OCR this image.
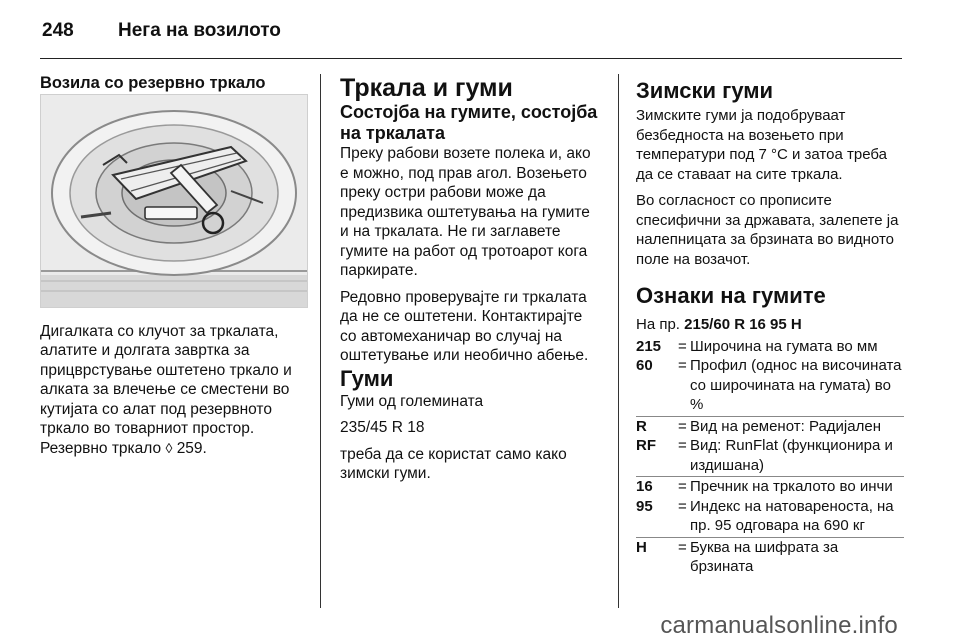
248 Нега на возилото

Возила со резервно тркало

Дигалката со клучот за тркалата, алатите и долгата завртка за прицврстување оштетено тркало и алката за влечење се сместени во кутијата со алат под резервното тркало во товарниот простор.

Резервно тркало ◊ 259.

Тркала и гуми

Состојба на гумите, состојба на тркалата

Преку рабови возете полека и, ако е можно, под прав агол. Возењето преку остри рабови може да предизвика оштетувања на гумите и на тркалата. Не ги заглавете гумите на работ од тротоарот кога паркирате.

Редовно проверувајте ги тркалата да не се оштетени. Контактирајте со автомеханичар во случај на оштетување или необично абење.

Гуми

Гуми од големината

235/45 R 18

треба да се користат само како зимски гуми.

Зимски гуми

Зимските гуми ја подобруваат безбедноста на возењето при температури под 7 °C и затоа треба да се ставаат на сите тркала.

Во согласност со прописите спесифични за државата, залепете ја налепницата за брзината во видното поле на возачот.

Ознаки на гумите

На пр. 215/60 R 16 95 H

215	= Широчина на гумата во мм
60	= Профил (однос на височината со широчината на гумата) во %
R	= Вид на ременот: Радијален
RF	= Вид: RunFlat (функционира и издишана)
16	= Пречник на тркалото во инчи
95	= Индекс на натовареноста, на пр. 95 одговара на 690 кг
H	= Буква на шифрата за брзината
carmanualsonline.info
